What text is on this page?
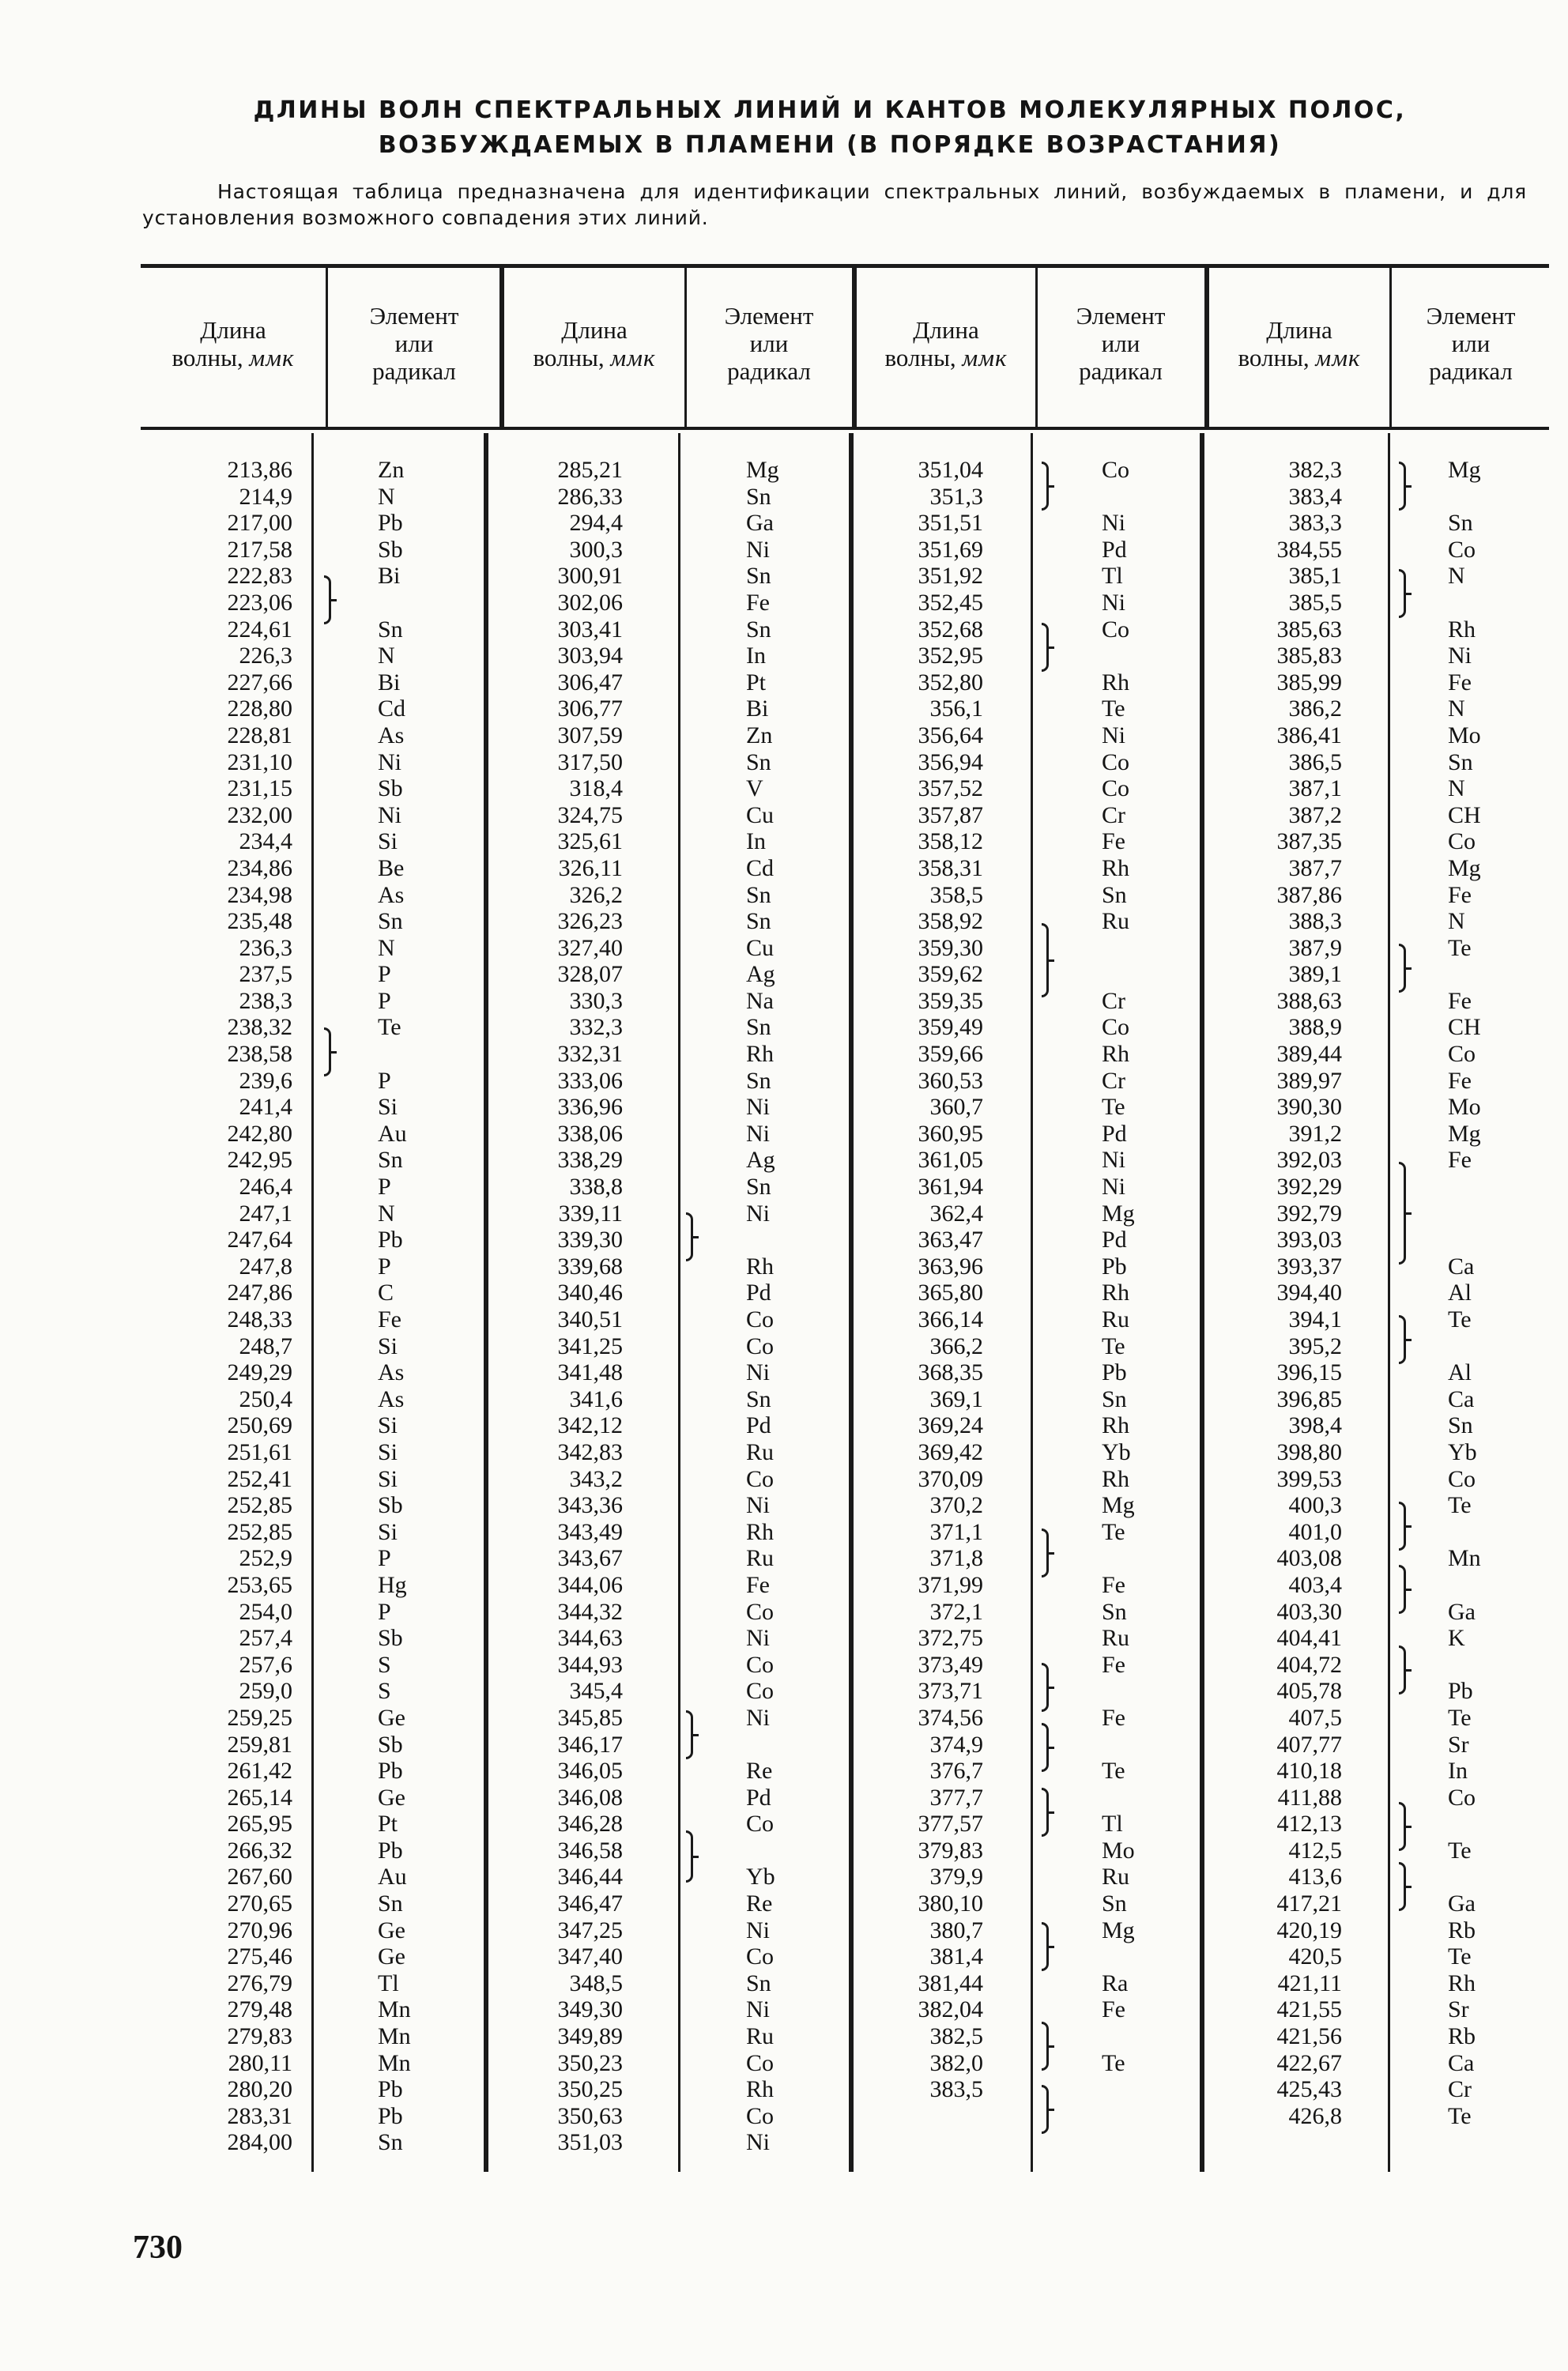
ДЛИНЫ ВОЛН СПЕКТРАЛЬНЫХ ЛИНИЙ И КАНТОВ МОЛЕКУЛЯРНЫХ ПОЛОС,
ВОЗБУЖДАЕМЫХ В ПЛАМЕНИ (В ПОРЯДКЕ ВОЗРАСТАНИЯ)
Настоящая таблица предназначена для идентификации спектральных линий, возбуждаемых в пламени, и для установления возможного совпадения этих линий.
Длина
волны, ммк
Элемент
или
радикал
Длина
волны, ммк
Элемент
или
радикал
Длина
волны, ммк
Элемент
или
радикал
Длина
волны, ммк
Элемент
или
радикал
213,86
214,9
217,00
217,58
222,83
223,06
224,61
226,3
227,66
228,80
228,81
231,10
231,15
232,00
234,4
234,86
234,98
235,48
236,3
237,5
238,3
238,32
238,58
239,6
241,4
242,80
242,95
246,4
247,1
247,64
247,8
247,86
248,33
248,7
249,29
250,4
250,69
251,61
252,41
252,85
252,85
252,9
253,65
254,0
257,4
257,6
259,0
259,25
259,81
261,42
265,14
265,95
266,32
267,60
270,65
270,96
275,46
276,79
279,48
279,83
280,11
280,20
283,31
284,00
Zn
N
Pb
Sb
Bi
Sn
N
Bi
Cd
As
Ni
Sb
Ni
Si
Be
As
Sn
N
P
P
Te
P
Si
Au
Sn
P
N
Pb
P
C
Fe
Si
As
As
Si
Si
Si
Sb
Si
P
Hg
P
Sb
S
S
Ge
Sb
Pb
Ge
Pt
Pb
Au
Sn
Ge
Ge
Tl
Mn
Mn
Mn
Pb
Pb
Sn
285,21
286,33
294,4
300,3
300,91
302,06
303,41
303,94
306,47
306,77
307,59
317,50
318,4
324,75
325,61
326,11
326,2
326,23
327,40
328,07
330,3
332,3
332,31
333,06
336,96
338,06
338,29
338,8
339,11
339,30
339,68
340,46
340,51
341,25
341,48
341,6
342,12
342,83
343,2
343,36
343,49
343,67
344,06
344,32
344,63
344,93
345,4
345,85
346,17
346,05
346,08
346,28
346,58
346,44
346,47
347,25
347,40
348,5
349,30
349,89
350,23
350,25
350,63
351,03
Mg
Sn
Ga
Ni
Sn
Fe
Sn
In
Pt
Bi
Zn
Sn
V
Cu
In
Cd
Sn
Sn
Cu
Ag
Na
Sn
Rh
Sn
Ni
Ni
Ag
Sn
Ni
Rh
Pd
Co
Co
Ni
Sn
Pd
Ru
Co
Ni
Rh
Ru
Fe
Co
Ni
Co
Co
Ni
Re
Pd
Co
Yb
Re
Ni
Co
Sn
Ni
Ru
Co
Rh
Co
Ni
351,04
351,3
351,51
351,69
351,92
352,45
352,68
352,95
352,80
356,1
356,64
356,94
357,52
357,87
358,12
358,31
358,5
358,92
359,30
359,62
359,35
359,49
359,66
360,53
360,7
360,95
361,05
361,94
362,4
363,47
363,96
365,80
366,14
366,2
368,35
369,1
369,24
369,42
370,09
370,2
371,1
371,8
371,99
372,1
372,75
373,49
373,71
374,56
374,9
376,7
377,7
377,57
379,83
379,9
380,10
380,7
381,4
381,44
382,04
382,5
382,0
383,5
Co
Ni
Pd
Tl
Ni
Co
Rh
Te
Ni
Co
Co
Cr
Fe
Rh
Sn
Ru
Cr
Co
Rh
Cr
Te
Pd
Ni
Ni
Mg
Pd
Pb
Rh
Ru
Te
Pb
Sn
Rh
Yb
Rh
Mg
Te
Fe
Sn
Ru
Fe
Fe
Te
Tl
Mo
Ru
Sn
Mg
Ra
Fe
Te
382,3
383,4
383,3
384,55
385,1
385,5
385,63
385,83
385,99
386,2
386,41
386,5
387,1
387,2
387,35
387,7
387,86
388,3
387,9
389,1
388,63
388,9
389,44
389,97
390,30
391,2
392,03
392,29
392,79
393,03
393,37
394,40
394,1
395,2
396,15
396,85
398,4
398,80
399,53
400,3
401,0
403,08
403,4
403,30
404,41
404,72
405,78
407,5
407,77
410,18
411,88
412,13
412,5
413,6
417,21
420,19
420,5
421,11
421,55
421,56
422,67
425,43
426,8
Mg
Sn
Co
N
Rh
Ni
Fe
N
Mo
Sn
N
CH
Co
Mg
Fe
N
Te
Fe
CH
Co
Fe
Mo
Mg
Fe
Ca
Al
Te
Al
Ca
Sn
Yb
Co
Te
Mn
Ga
K
Pb
Te
Sr
In
Co
Te
Ga
Rb
Te
Rh
Sr
Rb
Ca
Cr
Te
730
